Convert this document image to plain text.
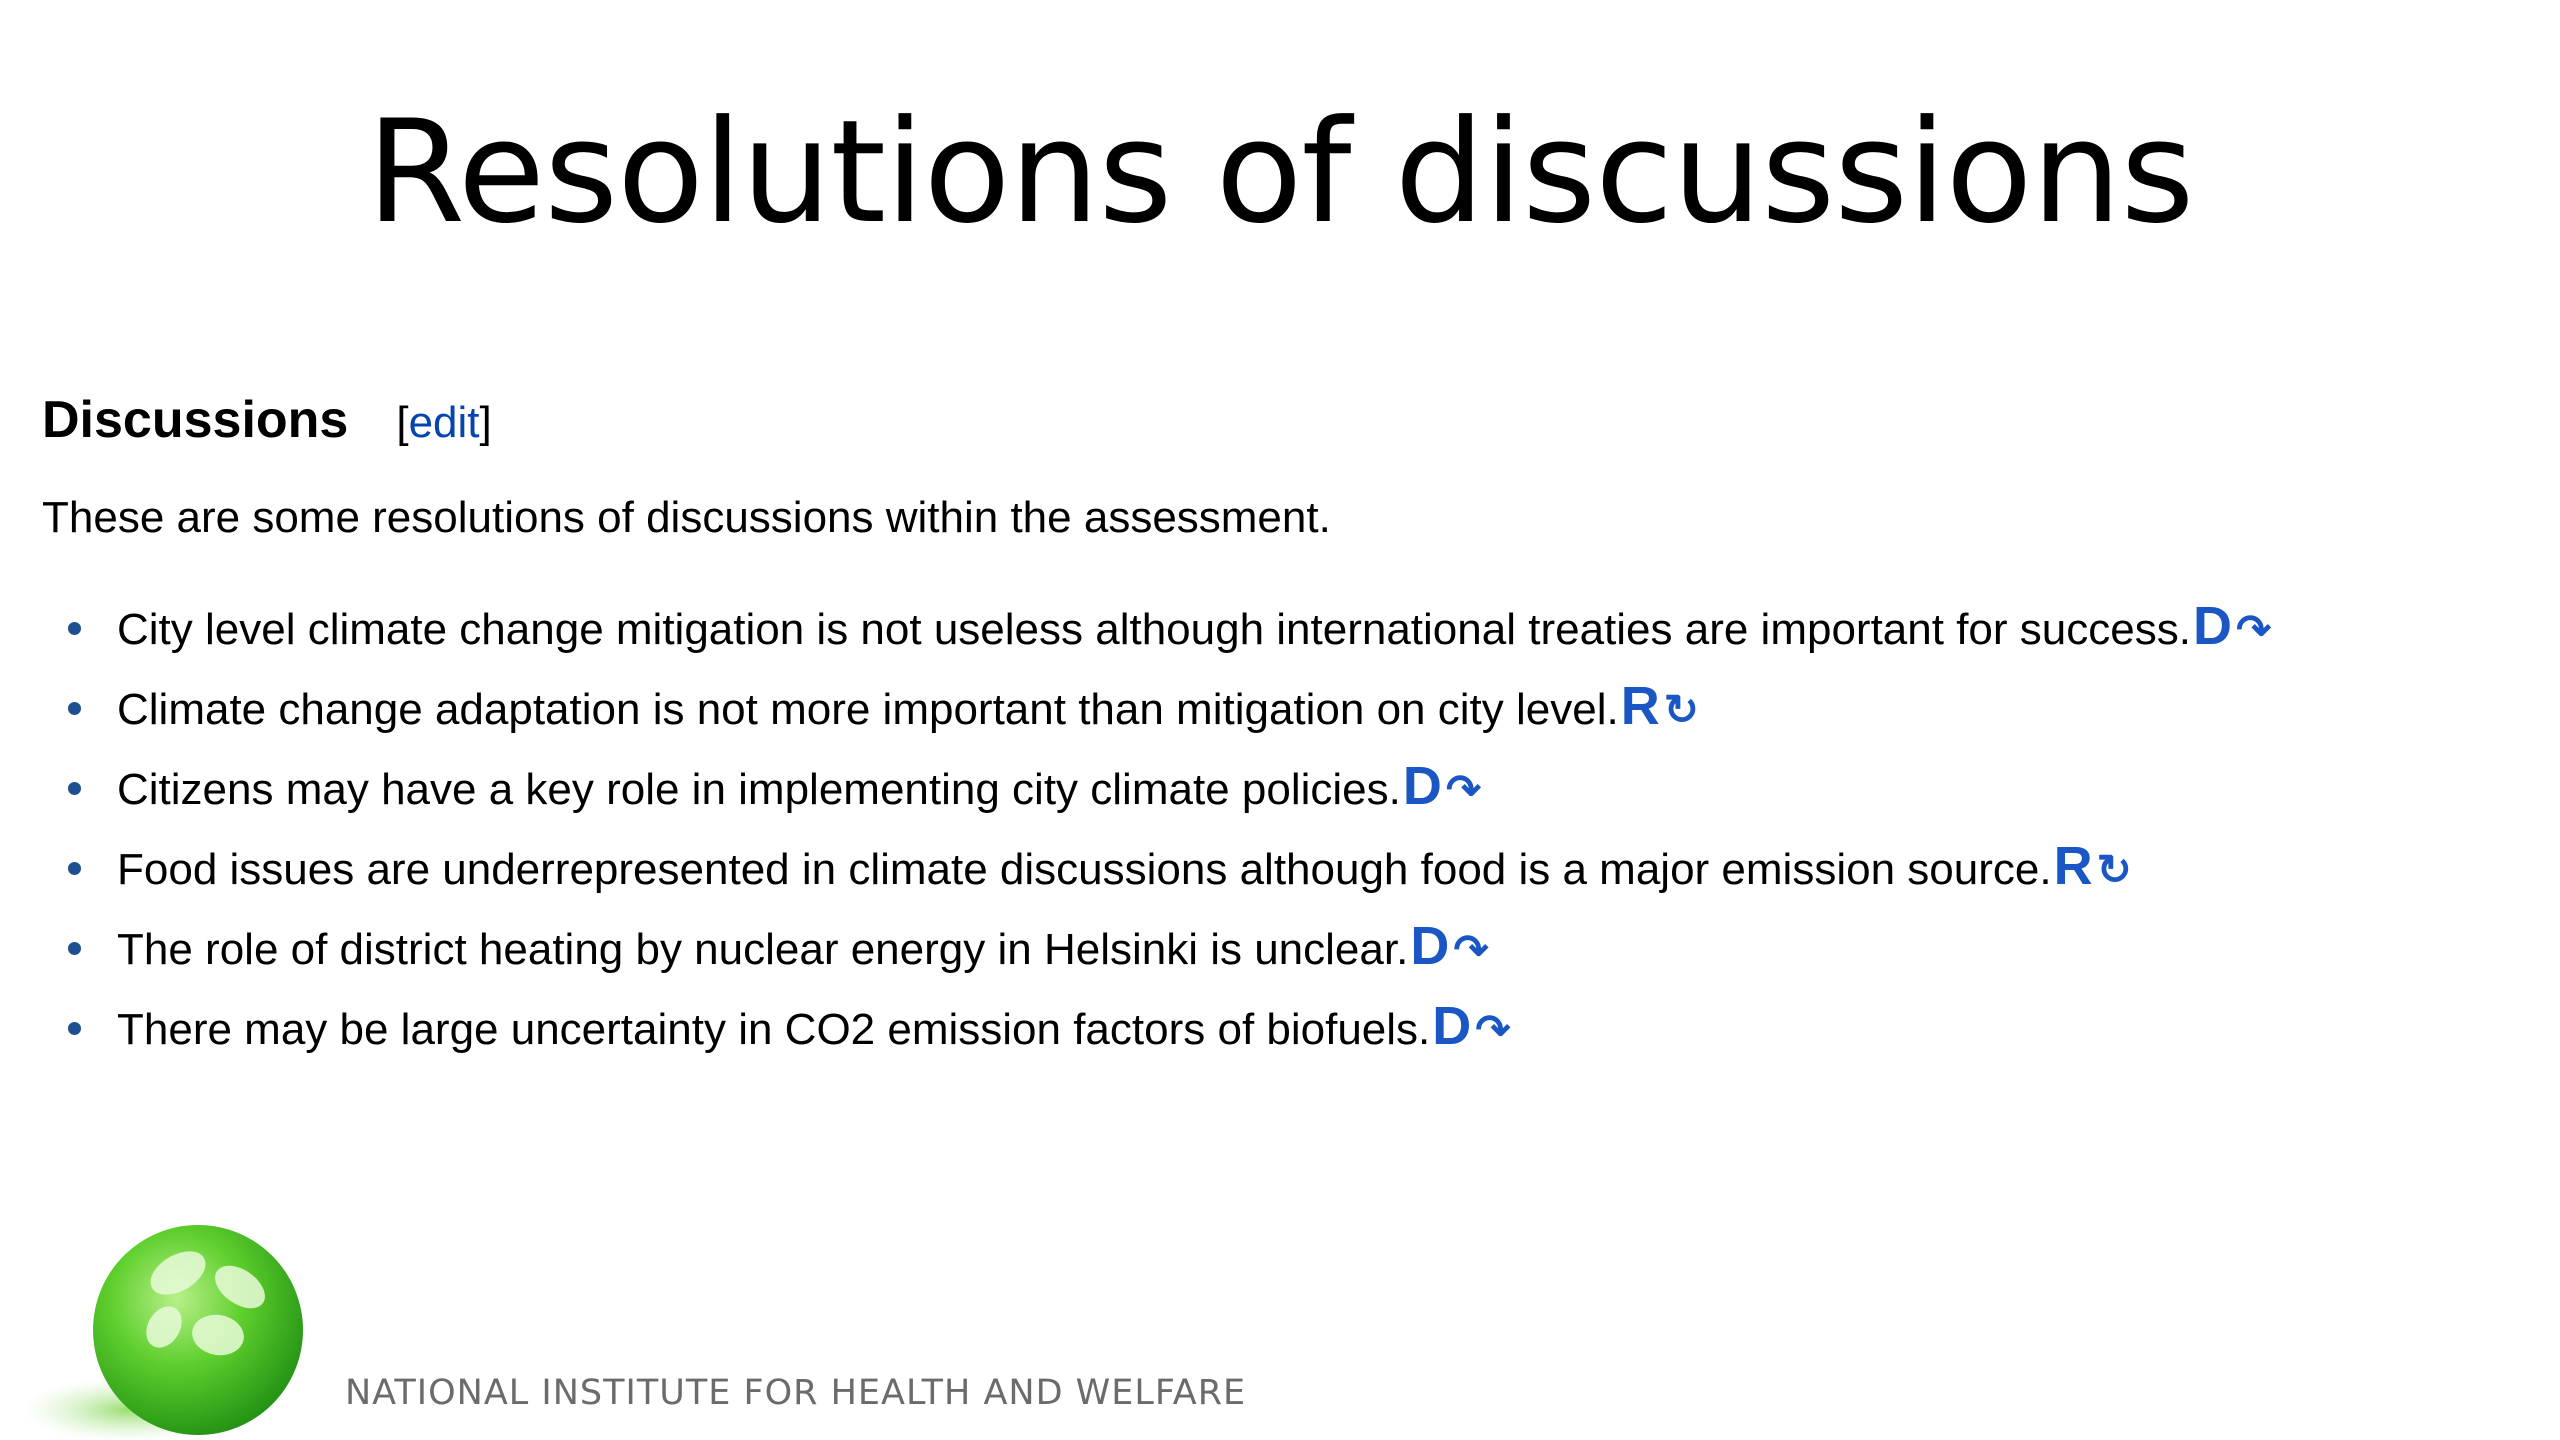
Resolutions of discussions
Discussions [edit]
These are some resolutions of discussions within the assessment.
City level climate change mitigation is not useless although international treaties are important for success.D↷
Climate change adaptation is not more important than mitigation on city level.R↻
Citizens may have a key role in implementing city climate policies.D↷
Food issues are underrepresented in climate discussions although food is a major emission source.R↻
The role of district heating by nuclear energy in Helsinki is unclear.D↷
There may be large uncertainty in CO2 emission factors of biofuels.D↷
NATIONAL INSTITUTE FOR HEALTH AND WELFARE
